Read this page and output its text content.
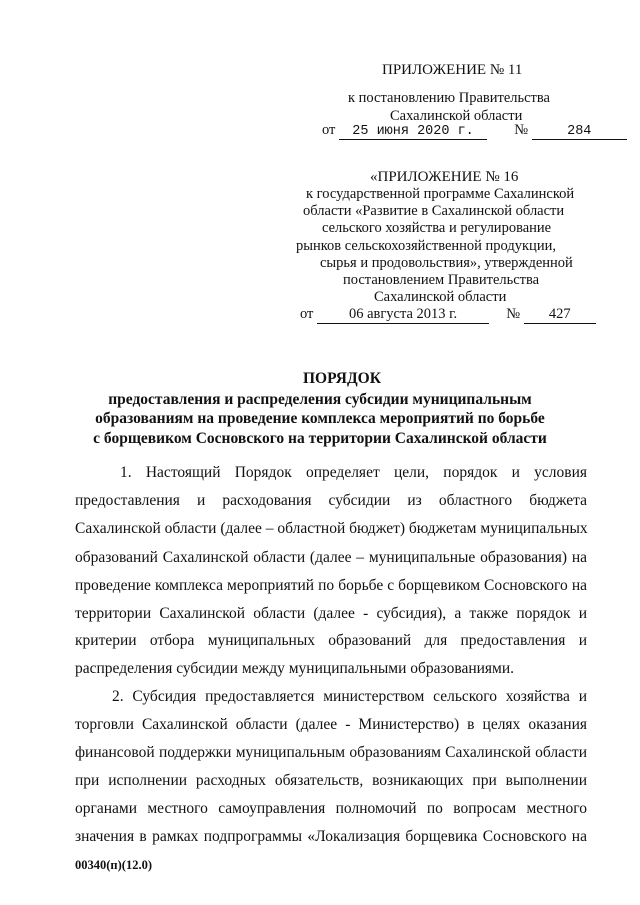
ПРИЛОЖЕНИЕ № 11
к постановлению Правительства
Сахалинской области
от 25 июня 2020 г.	№	284
«ПРИЛОЖЕНИЕ № 16
к государственной программе Сахалинской
области «Развитие в Сахалинской области
сельского хозяйства и регулирование
рынков сельскохозяйственной продукции,
сырья и продовольствия», утвержденной
постановлением Правительства
Сахалинской области
от 06 августа 2013 г.	№ 427
ПОРЯДОК
предоставления и распределения субсидии муниципальным
образованиям на проведение комплекса мероприятий по борьбе
с борщевиком Сосновского на территории Сахалинской области
1. Настоящий Порядок определяет цели, порядок и условия
предоставления и расходования субсидии из областного бюджета
Сахалинской области (далее – областной бюджет) бюджетам муниципальных
образований Сахалинской области (далее – муниципальные образования) на
проведение комплекса мероприятий по борьбе с борщевиком Сосновского на
территории Сахалинской области (далее - субсидия), а также порядок и
критерии отбора муниципальных образований для предоставления и
распределения субсидии между муниципальными образованиями.
2. Субсидия предоставляется министерством сельского хозяйства и
торговли Сахалинской области (далее - Министерство) в целях оказания
финансовой поддержки муниципальным образованиям Сахалинской области
при исполнении расходных обязательств, возникающих при выполнении
органами местного самоуправления полномочий по вопросам местного
значения в рамках подпрограммы «Локализация борщевика Сосновского на
00340(п)(12.0)
